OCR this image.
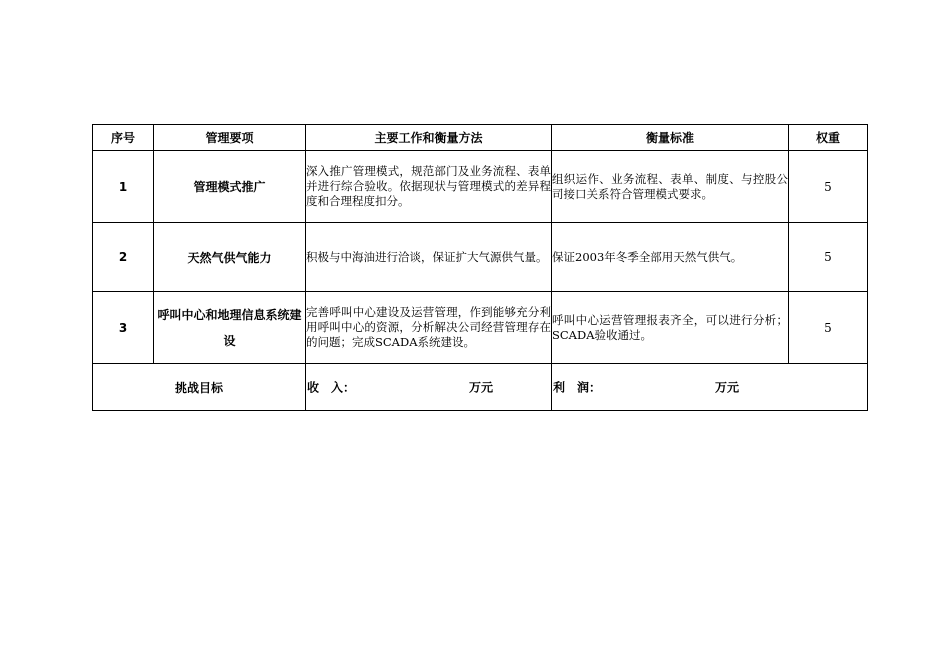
序号	管理要项	主要工作和衡量方法	衡量标准	权重
1	管理模式推广	深入推广管理模式，规范部门及业务流程、表单并进行综合验收。依据现状与管理模式的差异程度和合理程度扣分。	组织运作、业务流程、表单、制度、与控股公司接口关系符合管理模式要求。	5
2	天然气供气能力	积极与中海油进行洽谈，保证扩大气源供气量。	保证2003年冬季全部用天然气供气。	5
3	呼叫中心和地理信息系统建设	完善呼叫中心建设及运营管理，作到能够充分利用呼叫中心的资源，分析解决公司经营管理存在的问题；完成SCADA系统建设。	呼叫中心运营管理报表齐全，可以进行分析；SCADA验收通过。	5
挑战目标		收　入： 万元	利　润： 万元	
